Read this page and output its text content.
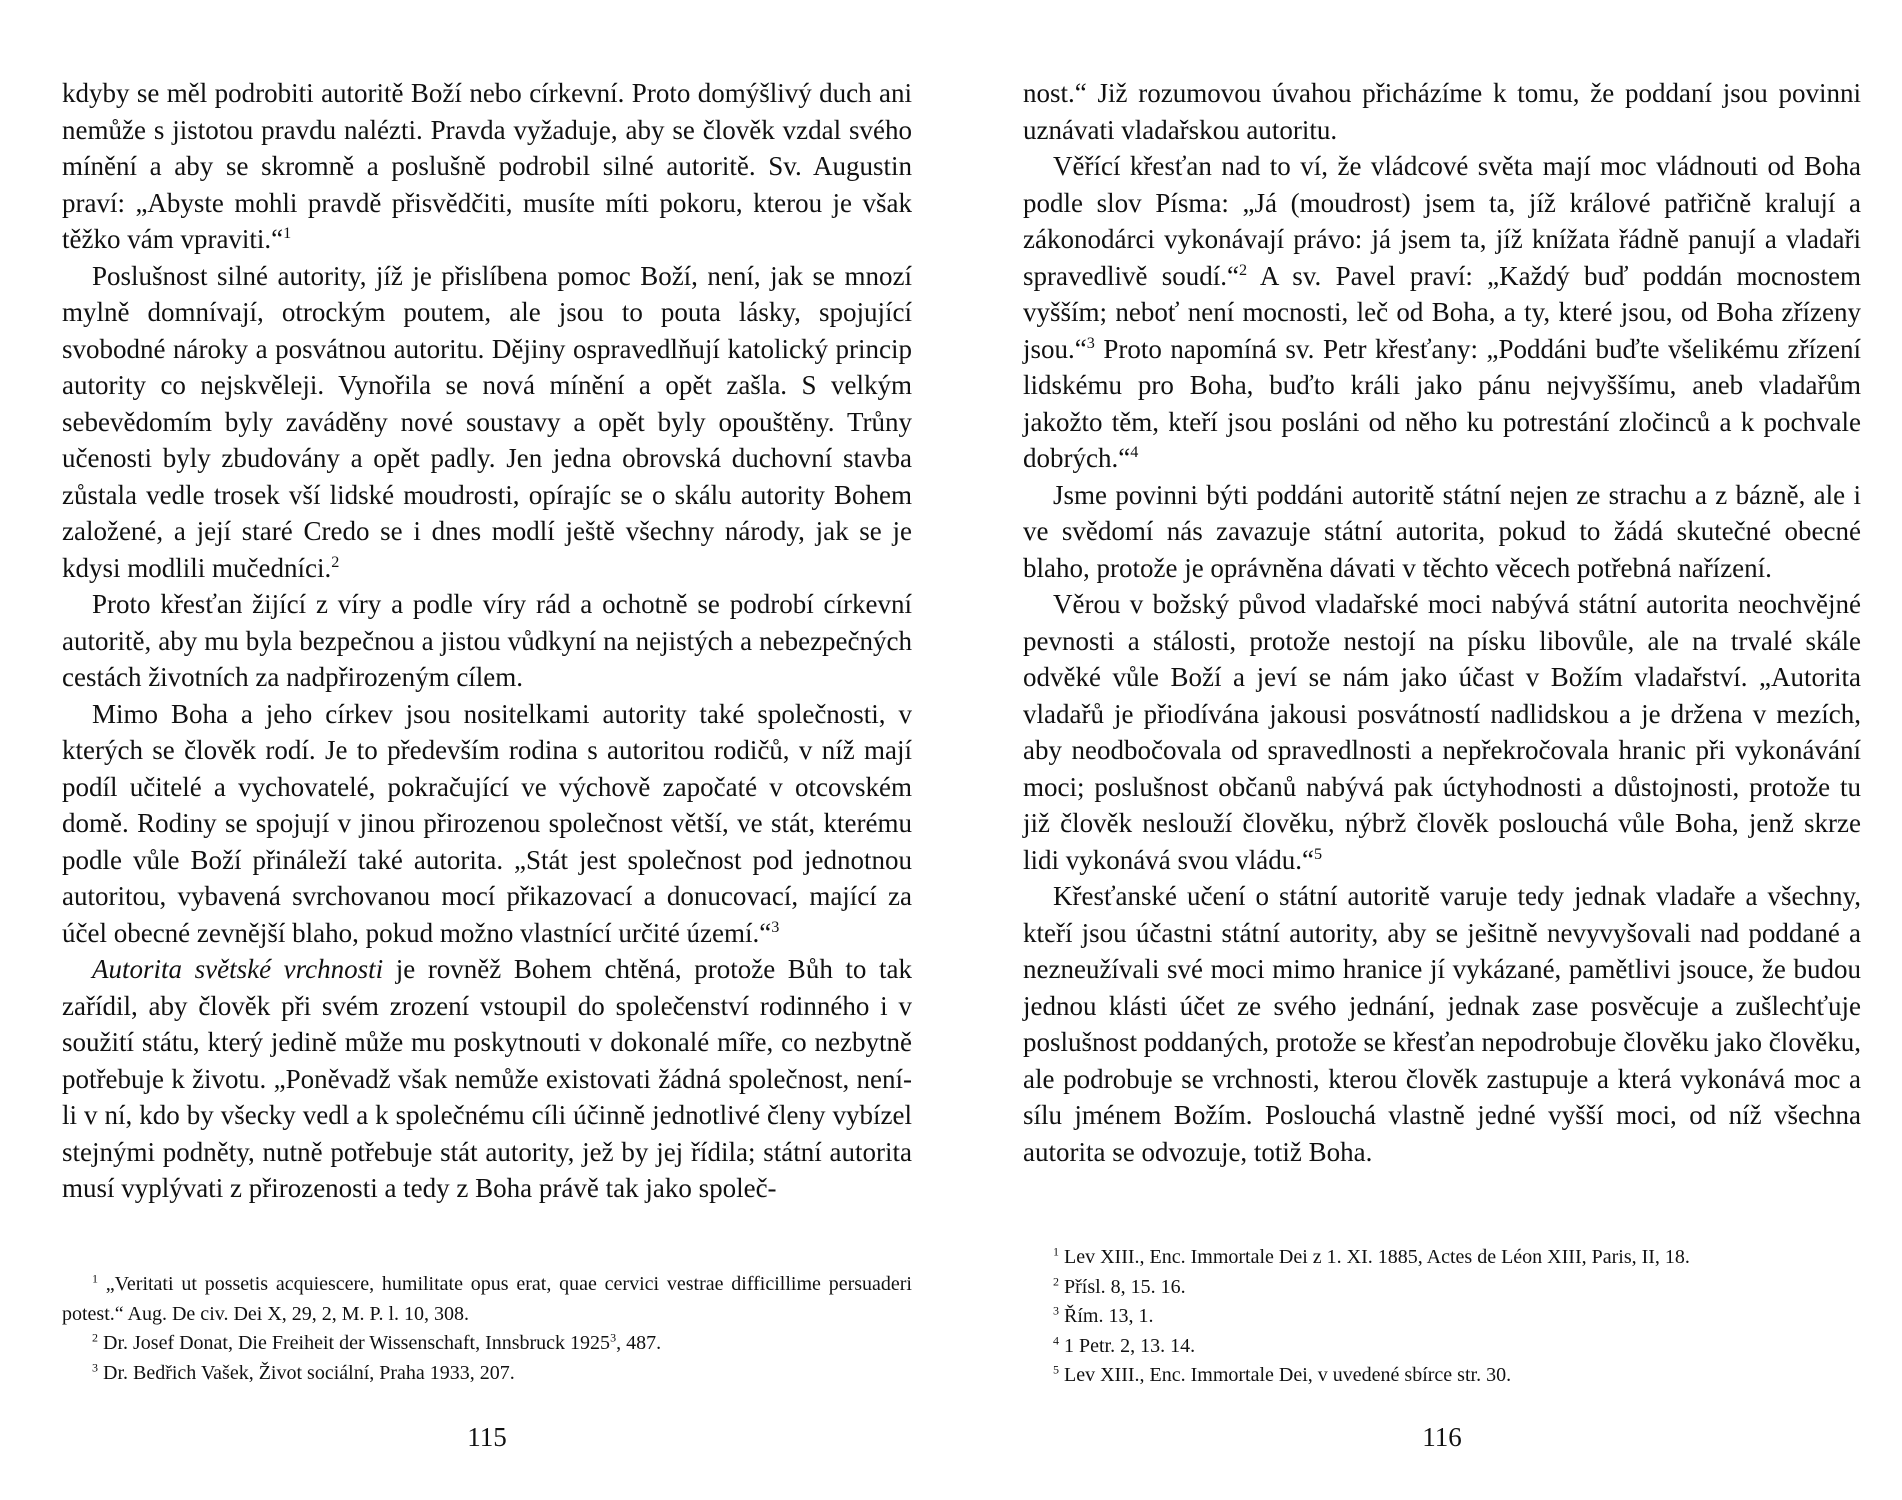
kdyby se měl podrobiti autoritě Boží nebo církevní. Proto domýšlivý duch ani nemůže s jistotou pravdu nalézti. Pravda vyžaduje, aby se člověk vzdal svého mínění a aby se skromně a poslušně podrobil silné autoritě. Sv. Augustin praví: „Abyste mohli pravdě přisvědčiti, musíte míti pokoru, kterou je však těžko vám vpraviti.“$^1$

Poslušnost silné autority, jíž je přislíbena pomoc Boží, není, jak se mnozí mylně domnívají, otrockým poutem, ale jsou to pouta lásky, spojující svobodné nároky a posvátnou autoritu. Dějiny ospravedlňují katolický princip autority co nejskvěleji. Vynořila se nová mínění a opět zašla. S velkým sebevědomím byly zaváděny nové soustavy a opět byly opouštěny. Trůny učenosti byly zbudovány a opět padly. Jen jedna obrovská duchovní stavba zůstala vedle trosek vší lidské moudrosti, opírajíc se o skálu autority Bohem založené, a její staré Credo se i dnes modlí ještě všechny národy, jak se je kdysi modlili mučedníci.$^2$

Proto křesťan žijící z víry a podle víry rád a ochotně se podrobí církevní autoritě, aby mu byla bezpečnou a jistou vůdkyní na nejistých a nebezpečných cestách životních za nadpřirozeným cílem.

Mimo Boha a jeho církev jsou nositelkami autority také společnosti, v kterých se člověk rodí. Je to především rodina s autoritou rodičů, v níž mají podíl učitelé a vychovatelé, pokračující ve výchově započaté v otcovském domě. Rodiny se spojují v jinou přirozenou společnost větší, ve stát, kterému podle vůle Boží přináleží také autorita. „Stát jest společnost pod jednotnou autoritou, vybavená svrchovanou mocí přikazovací a donucovací, mající za účel obecné zevnější blaho, pokud možno vlastnící určité území.“$^3$

Autorita světské vrchnosti je rovněž Bohem chtěná, protože Bůh to tak zařídil, aby člověk při svém zrození vstoupil do společenství rodinného i v soužití státu, který jedině může mu poskytnouti v dokonalé míře, co nezbytně potřebuje k životu. „Poněvadž však nemůže existovati žádná společnost, není-li v ní, kdo by všecky vedl a k společnému cíli účinně jednotlivé členy vybízel stejnými podněty, nutně potřebuje stát autority, jež by jej řídila; státní autorita musí vyplývati z přirozenosti a tedy z Boha právě tak jako společ-

$^1$ „Veritati ut possetis acquiescere, humilitate opus erat, quae cervici vestrae difficillime persuaderi potest.“ Aug. De civ. Dei X, 29, 2, M. P. l. 10, 308.

$^2$ Dr. Josef Donat, Die Freiheit der Wissenschaft, Innsbruck 1925$^3$, 487.

$^3$ Dr. Bedřich Vašek, Život sociální, Praha 1933, 207.

115

nost.“ Již rozumovou úvahou přicházíme k tomu, že poddaní jsou povinni uznávati vladařskou autoritu.

Věřící křesťan nad to ví, že vládcové světa mají moc vládnouti od Boha podle slov Písma: „Já (moudrost) jsem ta, jíž králové patřičně kralují a zákonodárci vykonávají právo: já jsem ta, jíž knížata řádně panují a vladaři spravedlivě soudí.“$^2$ A sv. Pavel praví: „Každý buď poddán mocnostem vyšším; neboť není mocnosti, leč od Boha, a ty, které jsou, od Boha zřízeny jsou.“$^3$ Proto napomíná sv. Petr křesťany: „Poddáni buďte všelikému zřízení lidskému pro Boha, buďto králi jako pánu nejvyššímu, aneb vladařům jakožto těm, kteří jsou posláni od něho ku potrestání zločinců a k pochvale dobrých.“$^4$

Jsme povinni býti poddáni autoritě státní nejen ze strachu a z bázně, ale i ve svědomí nás zavazuje státní autorita, pokud to žádá skutečné obecné blaho, protože je oprávněna dávati v těchto věcech potřebná nařízení.

Věrou v božský původ vladařské moci nabývá státní autorita neochvějné pevnosti a stálosti, protože nestojí na písku libovůle, ale na trvalé skále odvěké vůle Boží a jeví se nám jako účast v Božím vladařství. „Autorita vladařů je přiodívána jakousi posvátností nadlidskou a je držena v mezích, aby neodbočovala od spravedlnosti a nepřekročovala hranic při vykonávání moci; poslušnost občanů nabývá pak úctyhodnosti a důstojnosti, protože tu již člověk neslouží člověku, nýbrž člověk poslouchá vůle Boha, jenž skrze lidi vykonává svou vládu.“$^5$

Křesťanské učení o státní autoritě varuje tedy jednak vladaře a všechny, kteří jsou účastni státní autority, aby se ješitně nevyvyšovali nad poddané a nezneužívali své moci mimo hranice jí vykázané, pamětlivi jsouce, že budou jednou klásti účet ze svého jednání, jednak zase posvěcuje a zušlechťuje poslušnost poddaných, protože se křesťan nepodrobuje člověku jako člověku, ale podrobuje se vrchnosti, kterou člověk zastupuje a která vykonává moc a sílu jménem Božím. Poslouchá vlastně jedné vyšší moci, od níž všechna autorita se odvozuje, totiž Boha.

$^1$ Lev XIII., Enc. Immortale Dei z 1. XI. 1885, Actes de Léon XIII, Paris, II, 18.

$^2$ Přísl. 8, 15. 16.

$^3$ Řím. 13, 1.

$^4$ 1 Petr. 2, 13. 14.

$^5$ Lev XIII., Enc. Immortale Dei, v uvedené sbírce str. 30.

116
